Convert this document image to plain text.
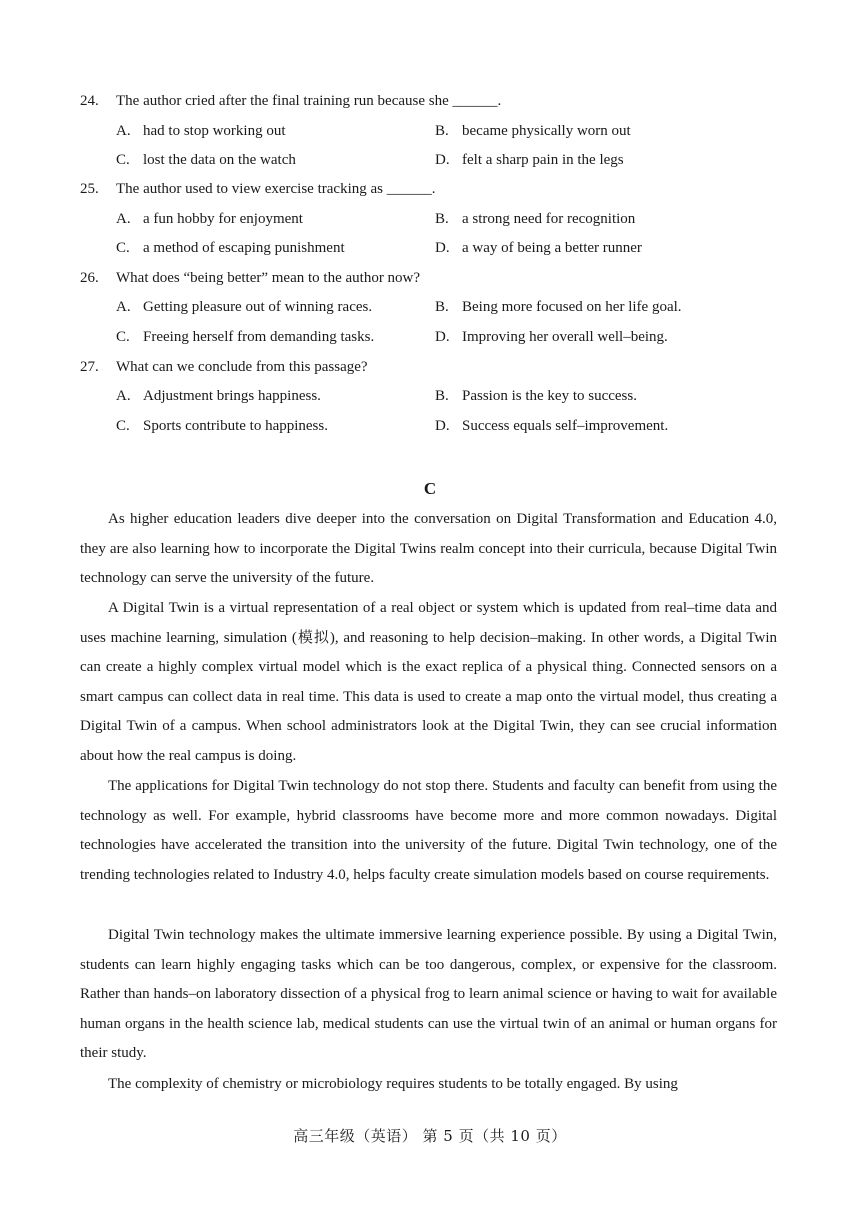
24. The author cried after the final training run because she ______.
A. had to stop working out	B. became physically worn out
C. lost the data on the watch	D. felt a sharp pain in the legs
25. The author used to view exercise tracking as ______.
A. a fun hobby for enjoyment	B. a strong need for recognition
C. a method of escaping punishment	D. a way of being a better runner
26. What does “being better” mean to the author now?
A. Getting pleasure out of winning races.	B. Being more focused on her life goal.
C. Freeing herself from demanding tasks.	D. Improving her overall well–being.
27. What can we conclude from this passage?
A. Adjustment brings happiness.	B. Passion is the key to success.
C. Sports contribute to happiness.	D. Success equals self–improvement.
C

As higher education leaders dive deeper into the conversation on Digital Transformation and Education 4.0, they are also learning how to incorporate the Digital Twins realm concept into their curricula, because Digital Twin technology can serve the university of the future.

A Digital Twin is a virtual representation of a real object or system which is updated from real–time data and uses machine learning, simulation (模拟), and reasoning to help decision–making. In other words, a Digital Twin can create a highly complex virtual model which is the exact replica of a physical thing. Connected sensors on a smart campus can collect data in real time. This data is used to create a map onto the virtual model, thus creating a Digital Twin of a campus. When school administrators look at the Digital Twin, they can see crucial information about how the real campus is doing.

The applications for Digital Twin technology do not stop there. Students and faculty can benefit from using the technology as well. For example, hybrid classrooms have become more and more common nowadays. Digital technologies have accelerated the transition into the university of the future. Digital Twin technology, one of the trending technologies related to Industry 4.0, helps faculty create simulation models based on course requirements.

Digital Twin technology makes the ultimate immersive learning experience possible. By using a Digital Twin, students can learn highly engaging tasks which can be too dangerous, complex, or expensive for the classroom. Rather than hands–on laboratory dissection of a physical frog to learn animal science or having to wait for available human organs in the health science lab, medical students can use the virtual twin of an animal or human organs for their study.

The complexity of chemistry or microbiology requires students to be totally engaged. By using

高三年级（英语） 第 5 页（共 10 页）
